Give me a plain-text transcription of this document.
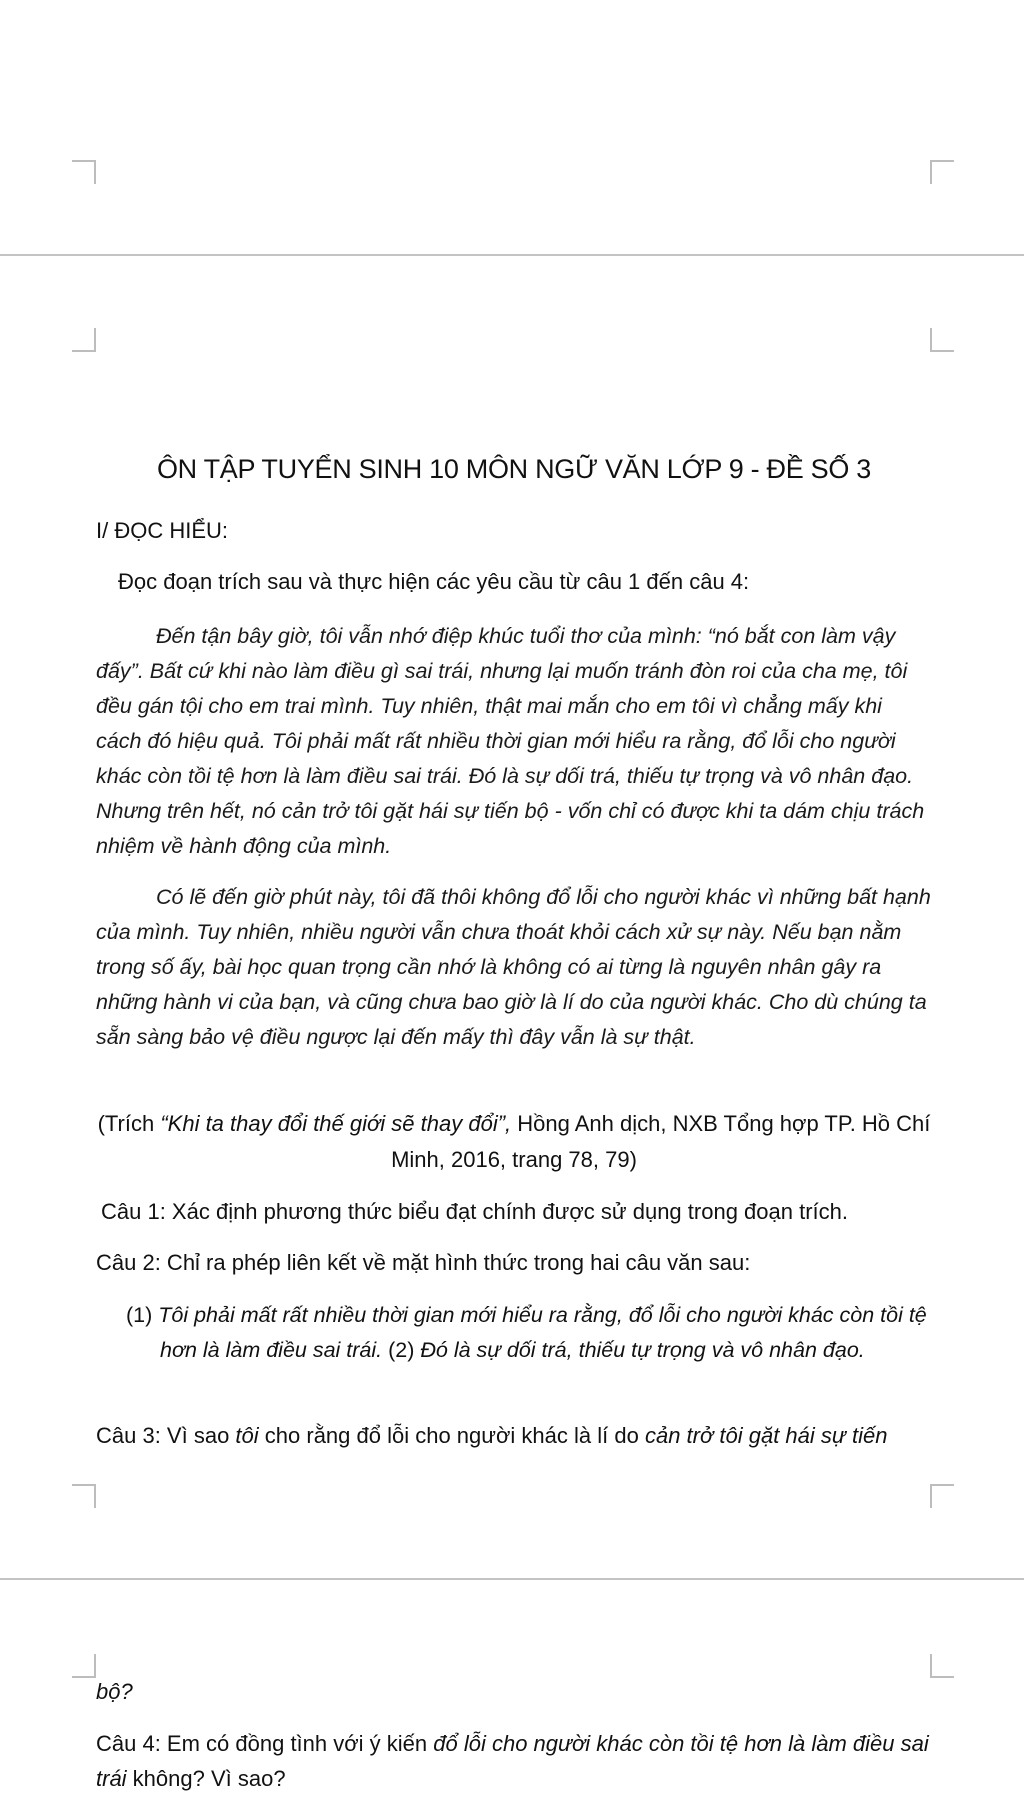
ÔN TẬP TUYỂN SINH 10 MÔN NGỮ VĂN LỚP 9 - ĐỀ SỐ 3
I/ ĐỌC HIỂU:
Đọc đoạn trích sau và thực hiện các yêu cầu từ câu 1 đến câu 4:

Đến tận bây giờ, tôi vẫn nhớ điệp khúc tuổi thơ của mình: “nó bắt con làm vậy đấy”. Bất cứ khi nào làm điều gì sai trái, nhưng lại muốn tránh đòn roi của cha mẹ, tôi đều gán tội cho em trai mình. Tuy nhiên, thật mai mắn cho em tôi vì chẳng mấy khi cách đó hiệu quả. Tôi phải mất rất nhiều thời gian mới hiểu ra rằng, đổ lỗi cho người khác còn tồi tệ hơn là làm điều sai trái. Đó là sự dối trá, thiếu tự trọng và vô nhân đạo. Nhưng trên hết, nó cản trở tôi gặt hái sự tiến bộ - vốn chỉ có được khi ta dám chịu trách nhiệm về hành động của mình.

Có lẽ đến giờ phút này, tôi đã thôi không đổ lỗi cho người khác vì những bất hạnh của mình. Tuy nhiên, nhiều người vẫn chưa thoát khỏi cách xử sự này. Nếu bạn nằm trong số ấy, bài học quan trọng cần nhớ là không có ai từng là nguyên nhân gây ra những hành vi của bạn, và cũng chưa bao giờ là lí do của người khác. Cho dù chúng ta sẵn sàng bảo vệ điều ngược lại đến mấy thì đây vẫn là sự thật.

(Trích “Khi ta thay đổi thế giới sẽ thay đổi”, Hồng Anh dịch, NXB Tổng hợp TP. Hồ Chí Minh, 2016, trang 78, 79)

Câu 1: Xác định phương thức biểu đạt chính được sử dụng trong đoạn trích.

Câu 2: Chỉ ra phép liên kết về mặt hình thức trong hai câu văn sau:

(1) Tôi phải mất rất nhiều thời gian mới hiểu ra rằng, đổ lỗi cho người khác còn tồi tệ hơn là làm điều sai trái. (2) Đó là sự dối trá, thiếu tự trọng và vô nhân đạo.

Câu 3: Vì sao tôi cho rằng đổ lỗi cho người khác là lí do cản trở tôi gặt hái sự tiến

bộ?

Câu 4: Em có đồng tình với ý kiến đổ lỗi cho người khác còn tồi tệ hơn là làm điều sai trái không? Vì sao?
